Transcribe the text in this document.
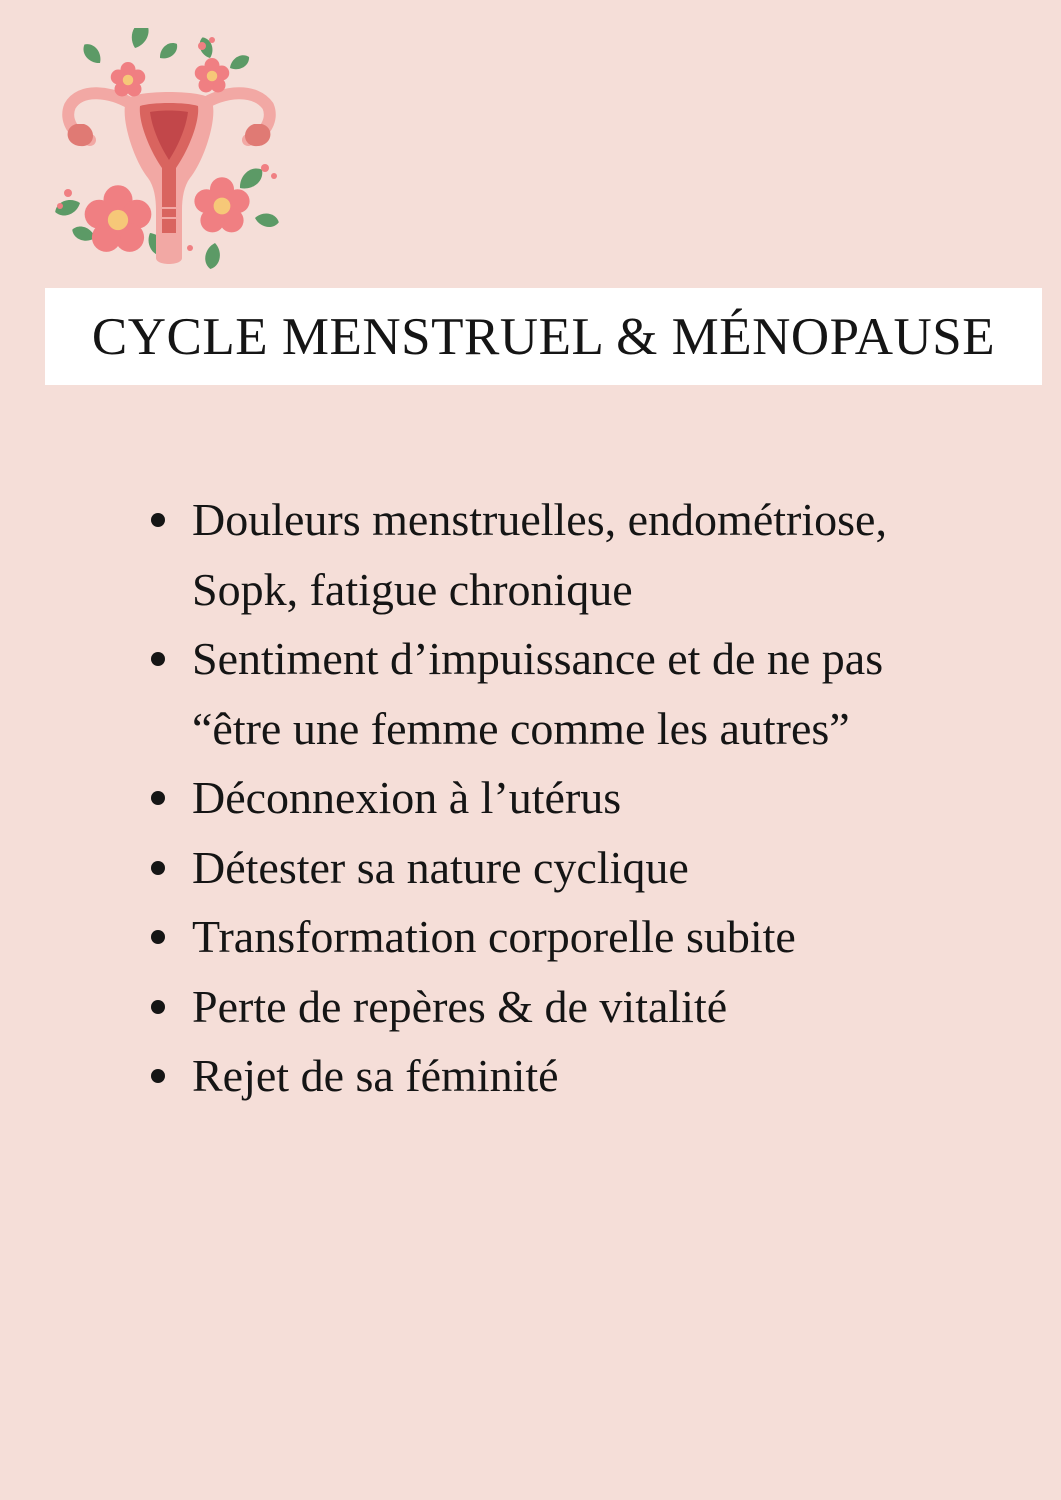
CYCLE MENSTRUEL & MÉNOPAUSE
Douleurs menstruelles, endométriose, Sopk, fatigue chronique
Sentiment d’impuissance et de ne pas “être une femme comme les autres”
Déconnexion à l’utérus
Détester sa nature cyclique
Transformation corporelle subite
Perte de repères & de vitalité
Rejet de sa féminité
